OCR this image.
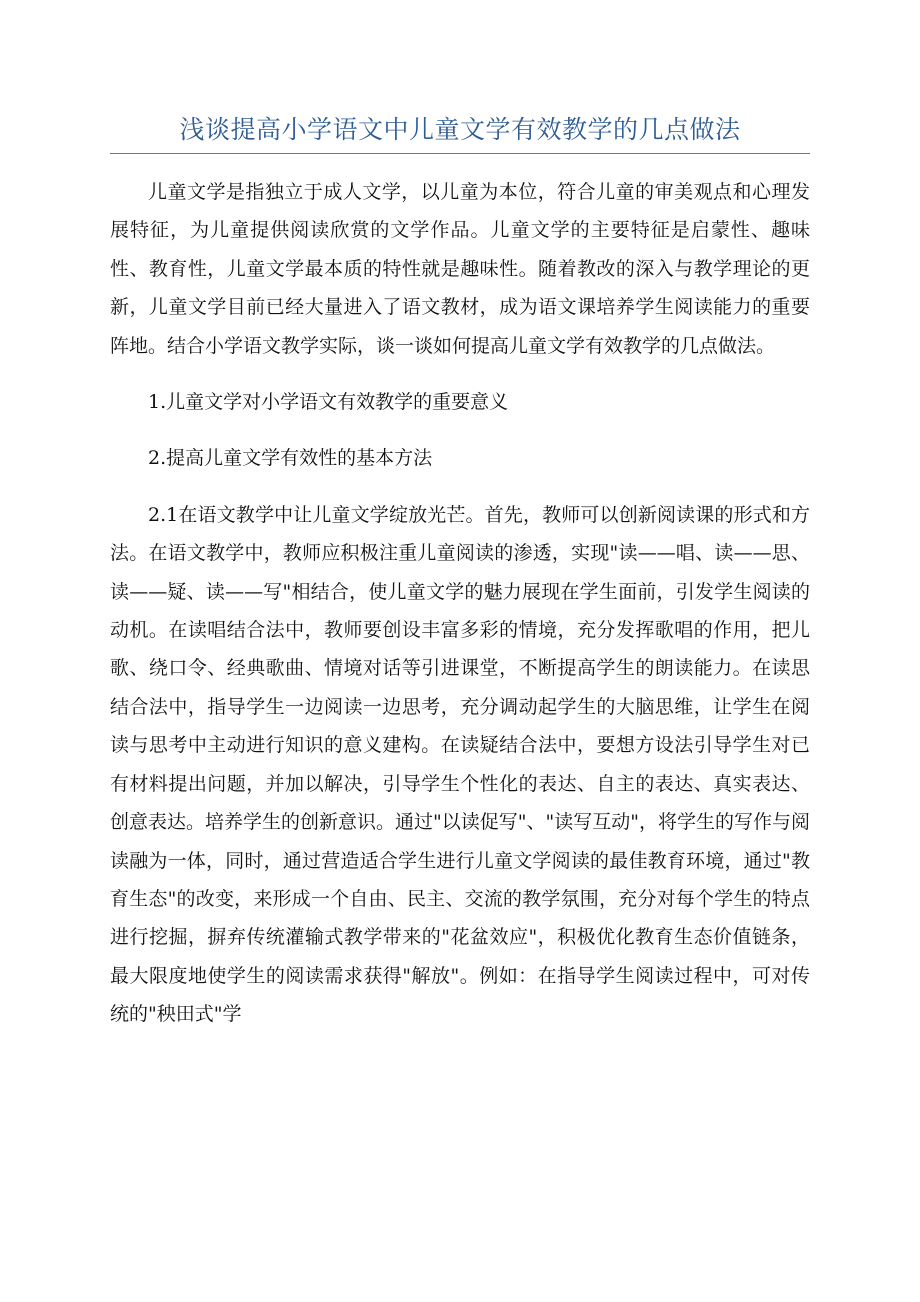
浅谈提高小学语文中儿童文学有效教学的几点做法

儿童文学是指独立于成人文学，以儿童为本位，符合儿童的审美观点和心理发展特征，为儿童提供阅读欣赏的文学作品。儿童文学的主要特征是启蒙性、趣味性、教育性，儿童文学最本质的特性就是趣味性。随着教改的深入与教学理论的更新，儿童文学目前已经大量进入了语文教材，成为语文课培养学生阅读能力的重要阵地。结合小学语文教学实际，谈一谈如何提高儿童文学有效教学的几点做法。

1.儿童文学对小学语文有效教学的重要意义

2.提高儿童文学有效性的基本方法

2.1在语文教学中让儿童文学绽放光芒。首先，教师可以创新阅读课的形式和方法。在语文教学中，教师应积极注重儿童阅读的渗透，实现"读——唱、读——思、读——疑、读——写"相结合，使儿童文学的魅力展现在学生面前，引发学生阅读的动机。在读唱结合法中，教师要创设丰富多彩的情境，充分发挥歌唱的作用，把儿歌、绕口令、经典歌曲、情境对话等引进课堂，不断提高学生的朗读能力。在读思结合法中，指导学生一边阅读一边思考，充分调动起学生的大脑思维，让学生在阅读与思考中主动进行知识的意义建构。在读疑结合法中，要想方设法引导学生对已有材料提出问题，并加以解决，引导学生个性化的表达、自主的表达、真实表达、创意表达。培养学生的创新意识。通过"以读促写"、"读写互动"，将学生的写作与阅读融为一体，同时，通过营造适合学生进行儿童文学阅读的最佳教育环境，通过"教育生态"的改变，来形成一个自由、民主、交流的教学氛围，充分对每个学生的特点进行挖掘，摒弃传统灌输式教学带来的"花盆效应"，积极优化教育生态价值链条，最大限度地使学生的阅读需求获得"解放"。例如：在指导学生阅读过程中，可对传统的"秧田式"学
